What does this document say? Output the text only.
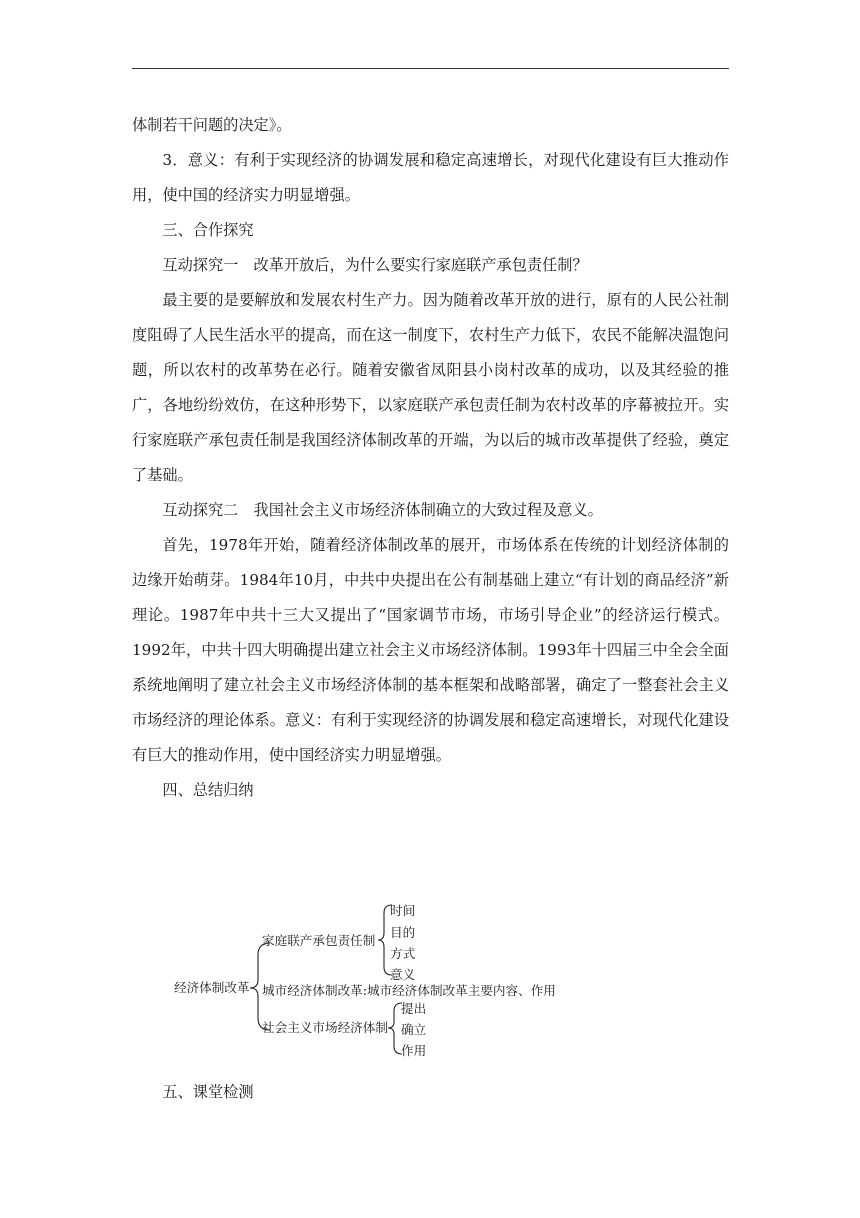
体制若干问题的决定》。

3．意义：有利于实现经济的协调发展和稳定高速增长，对现代化建设有巨大推动作用，使中国的经济实力明显增强。

三、合作探究

互动探究一　改革开放后，为什么要实行家庭联产承包责任制？

最主要的是要解放和发展农村生产力。因为随着改革开放的进行，原有的人民公社制度阻碍了人民生活水平的提高，而在这一制度下，农村生产力低下，农民不能解决温饱问题，所以农村的改革势在必行。随着安徽省凤阳县小岗村改革的成功，以及其经验的推广，各地纷纷效仿，在这种形势下，以家庭联产承包责任制为农村改革的序幕被拉开。实行家庭联产承包责任制是我国经济体制改革的开端，为以后的城市改革提供了经验，奠定了基础。

互动探究二　我国社会主义市场经济体制确立的大致过程及意义。

首先，1978年开始，随着经济体制改革的展开，市场体系在传统的计划经济体制的边缘开始萌芽。1984年10月，中共中央提出在公有制基础上建立“有计划的商品经济”新理论。1987年中共十三大又提出了“国家调节市场，市场引导企业”的经济运行模式。1992年，中共十四大明确提出建立社会主义市场经济体制。1993年十四届三中全会全面系统地阐明了建立社会主义市场经济体制的基本框架和战略部署，确定了一整套社会主义市场经济的理论体系。意义：有利于实现经济的协调发展和稳定高速增长，对现代化建设有巨大的推动作用，使中国经济实力明显增强。

四、总结归纳

经济体制改革
家庭联产承包责任制
时间
目的
方式
意义
城市经济体制改革:城市经济体制改革主要内容、作用
社会主义市场经济体制
提出
确立
作用

五、课堂检测
